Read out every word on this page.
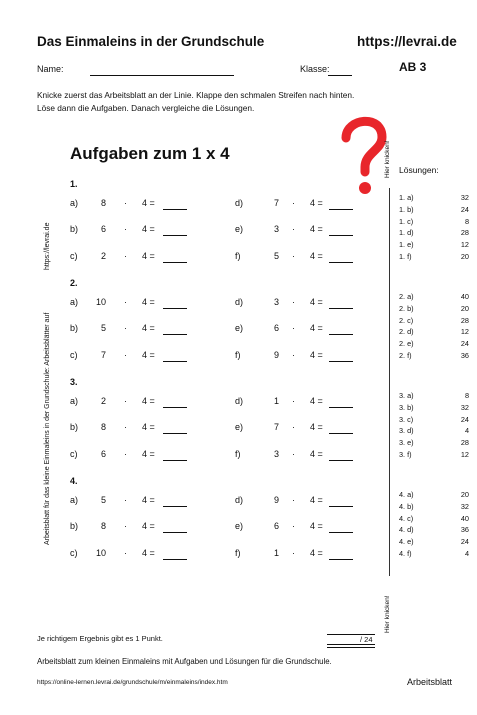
Das Einmaleins in der Grundschule	https://levrai.de
Name:	Klasse:	AB 3
Knicke zuerst das Arbeitsblatt an der Linie. Klappe den schmalen Streifen nach hinten. Löse dann die Aufgaben. Danach vergleiche die Lösungen.
Aufgaben zum 1 x 4
Arbeitsblatt für das kleine Einmaleins in der Grundschule: Arbeitsblätter auf
https://levrai.de
Hier knicken!
Hier knicken!
Lösungen:
1.
a)	8 · 4 =	d)	7 · 4 =
b)	6 · 4 =	e)	3 · 4 =
c)	2 · 4 =	f)	5 · 4 =
2.
a)	10 · 4 =	d)	3 · 4 =
b)	5 · 4 =	e)	6 · 4 =
c)	7 · 4 =	f)	9 · 4 =
3.
a)	2 · 4 =	d)	1 · 4 =
b)	8 · 4 =	e)	7 · 4 =
c)	6 · 4 =	f)	3 · 4 =
4.
a)	5 · 4 =	d)	9 · 4 =
b)	8 · 4 =	e)	6 · 4 =
c)	10 · 4 =	f)	1 · 4 =
1. a)	32
1. b)	24
1. c)	8
1. d)	28
1. e)	12
1. f)	20
2. a)	40
2. b)	20
2. c)	28
2. d)	12
2. e)	24
2. f)	36
3. a)	8
3. b)	32
3. c)	24
3. d)	4
3. e)	28
3. f)	12
4. a)	20
4. b)	32
4. c)	40
4. d)	36
4. e)	24
4. f)	4
Je richtigem Ergebnis gibt es 1 Punkt.	/ 24
Arbeitsblatt zum kleinen Einmaleins mit Aufgaben und Lösungen für die Grundschule.
https://online-lernen.levrai.de/grundschule/m/einmaleins/index.htm	Arbeitsblatt
